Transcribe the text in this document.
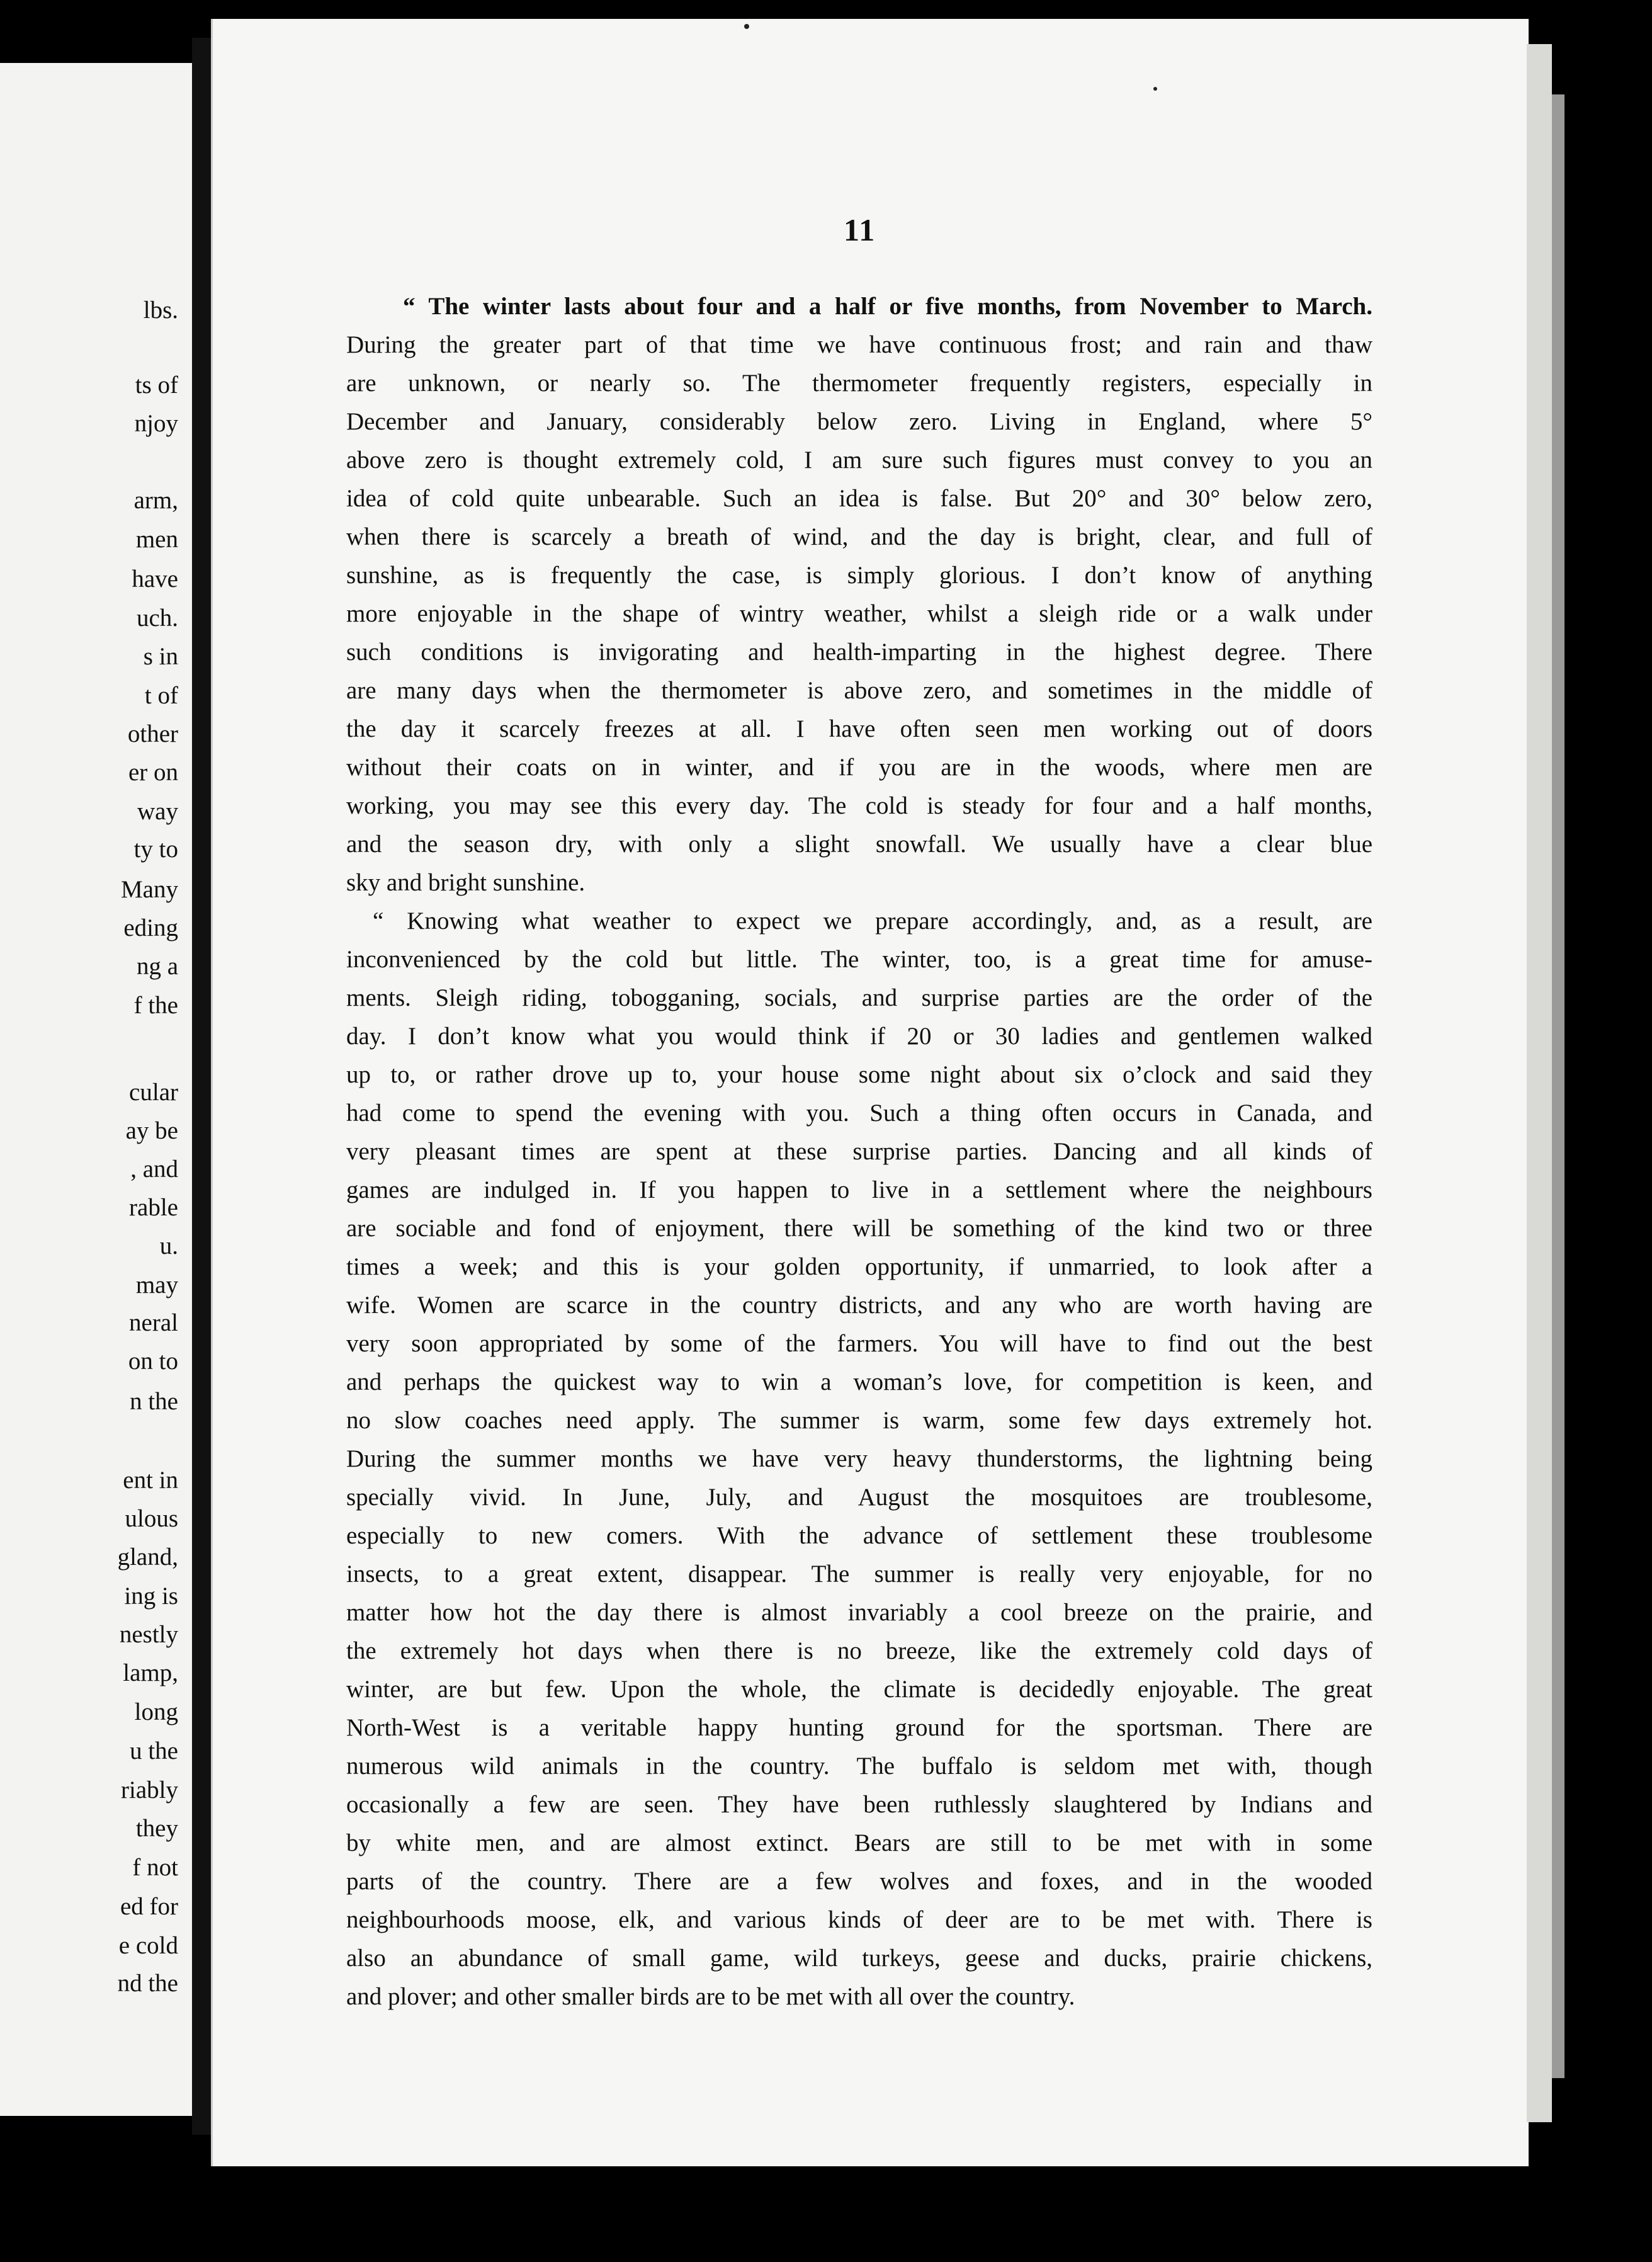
lbs.
ts of
njoy
arm,
men
have
uch.
s in
t of
other
er on
way
ty to
Many
eding
ng a
f the
cular
ay be
, and
rable
u.
may
neral
on to
n the
ent in
ulous
gland,
ing is
nestly
lamp,
long
u the
riably
they
f not
ed for
e cold
nd the
11
“ The winter lasts about four and a half or five months, from November to March.
During the greater part of that time we have continuous frost; and rain and thaw
are unknown, or nearly so. The thermometer frequently registers, especially in
December and January, considerably below zero. Living in England, where 5°
above zero is thought extremely cold, I am sure such figures must convey to you an
idea of cold quite unbearable. Such an idea is false. But 20° and 30° below zero,
when there is scarcely a breath of wind, and the day is bright, clear, and full of
sunshine, as is frequently the case, is simply glorious. I don’t know of anything
more enjoyable in the shape of wintry weather, whilst a sleigh ride or a walk under
such conditions is invigorating and health-imparting in the highest degree. There
are many days when the thermometer is above zero, and sometimes in the middle of
the day it scarcely freezes at all. I have often seen men working out of doors
without their coats on in winter, and if you are in the woods, where men are
working, you may see this every day. The cold is steady for four and a half months,
and the season dry, with only a slight snowfall. We usually have a clear blue
sky and bright sunshine.
“ Knowing what weather to expect we prepare accordingly, and, as a result, are
inconvenienced by the cold but little. The winter, too, is a great time for amuse-
ments. Sleigh riding, tobogganing, socials, and surprise parties are the order of the
day. I don’t know what you would think if 20 or 30 ladies and gentlemen walked
up to, or rather drove up to, your house some night about six o’clock and said they
had come to spend the evening with you. Such a thing often occurs in Canada, and
very pleasant times are spent at these surprise parties. Dancing and all kinds of
games are indulged in. If you happen to live in a settlement where the neighbours
are sociable and fond of enjoyment, there will be something of the kind two or three
times a week; and this is your golden opportunity, if unmarried, to look after a
wife. Women are scarce in the country districts, and any who are worth having are
very soon appropriated by some of the farmers. You will have to find out the best
and perhaps the quickest way to win a woman’s love, for competition is keen, and
no slow coaches need apply. The summer is warm, some few days extremely hot.
During the summer months we have very heavy thunderstorms, the lightning being
specially vivid. In June, July, and August the mosquitoes are troublesome,
especially to new comers. With the advance of settlement these troublesome
insects, to a great extent, disappear. The summer is really very enjoyable, for no
matter how hot the day there is almost invariably a cool breeze on the prairie, and
the extremely hot days when there is no breeze, like the extremely cold days of
winter, are but few. Upon the whole, the climate is decidedly enjoyable. The great
North-West is a veritable happy hunting ground for the sportsman. There are
numerous wild animals in the country. The buffalo is seldom met with, though
occasionally a few are seen. They have been ruthlessly slaughtered by Indians and
by white men, and are almost extinct. Bears are still to be met with in some
parts of the country. There are a few wolves and foxes, and in the wooded
neighbourhoods moose, elk, and various kinds of deer are to be met with. There is
also an abundance of small game, wild turkeys, geese and ducks, prairie chickens,
and plover; and other smaller birds are to be met with all over the country.
